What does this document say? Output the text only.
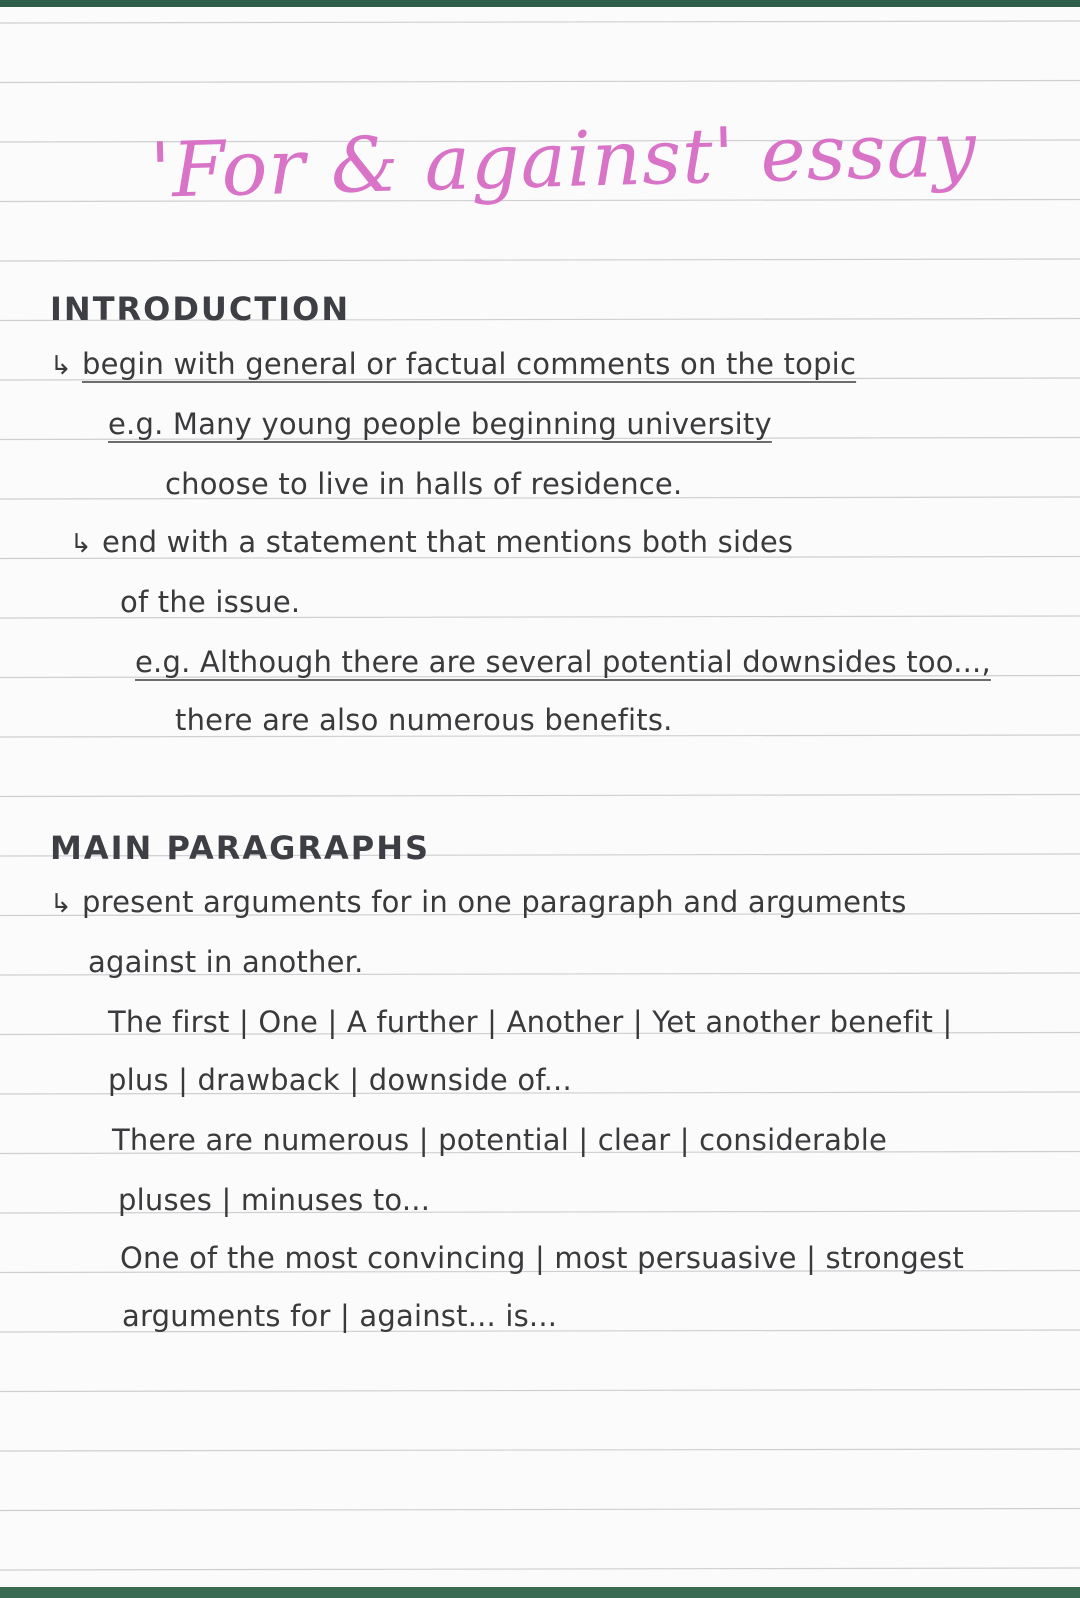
'For & against' essay
INTRODUCTION
↳ begin with general or factual comments on the topic
e.g. Many young people beginning university
choose to live in halls of residence.
↳ end with a statement that mentions both sides
of the issue.
e.g. Although there are several potential downsides too...,
there are also numerous benefits.
MAIN PARAGRAPHS
↳ present arguments for in one paragraph and arguments
against in another.
The first | One | A further | Another | Yet another benefit |
plus | drawback | downside of...
There are numerous | potential | clear | considerable
pluses | minuses to...
One of the most convincing | most persuasive | strongest
arguments for | against... is...
